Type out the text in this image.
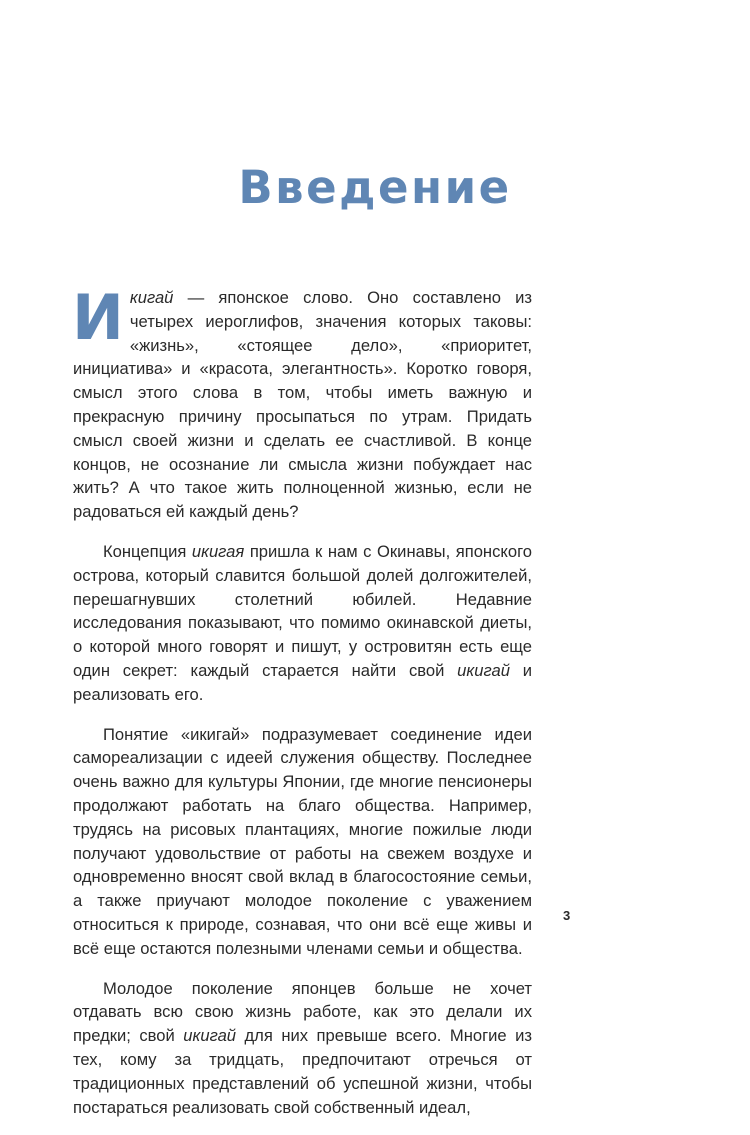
Введение

Икигай — японское слово. Оно составлено из четырех иероглифов, значения которых таковы: «жизнь», «стоящее дело», «приоритет, инициатива» и «красота, элегантность». Коротко говоря, смысл этого слова в том, чтобы иметь важную и прекрасную причину просыпаться по утрам. Придать смысл своей жизни и сделать ее счастливой. В конце концов, не осознание ли смысла жизни побуждает нас жить? А что такое жить полноценной жизнью, если не радоваться ей каждый день?

Концепция икигая пришла к нам с Окинавы, японского острова, который славится большой долей долгожителей, перешагнувших столетний юбилей. Недавние исследования показывают, что помимо окинавской диеты, о которой много говорят и пишут, у островитян есть еще один секрет: каждый старается найти свой икигай и реализовать его.

Понятие «икигай» подразумевает соединение идеи самореализации с идеей служения обществу. Последнее очень важно для культуры Японии, где многие пенсионеры продолжают работать на благо общества. Например, трудясь на рисовых плантациях, многие пожилые люди получают удовольствие от работы на свежем воздухе и одновременно вносят свой вклад в благосостояние семьи, а также приучают молодое поколение с уважением относиться к природе, сознавая, что они всё еще живы и всё еще остаются полезными членами семьи и общества.

Молодое поколение японцев больше не хочет отдавать всю свою жизнь работе, как это делали их предки; свой икигай для них превыше всего. Многие из тех, кому за тридцать, предпочитают отречься от традиционных представлений об успешной жизни, чтобы постараться реализовать свой собственный идеал,

3
